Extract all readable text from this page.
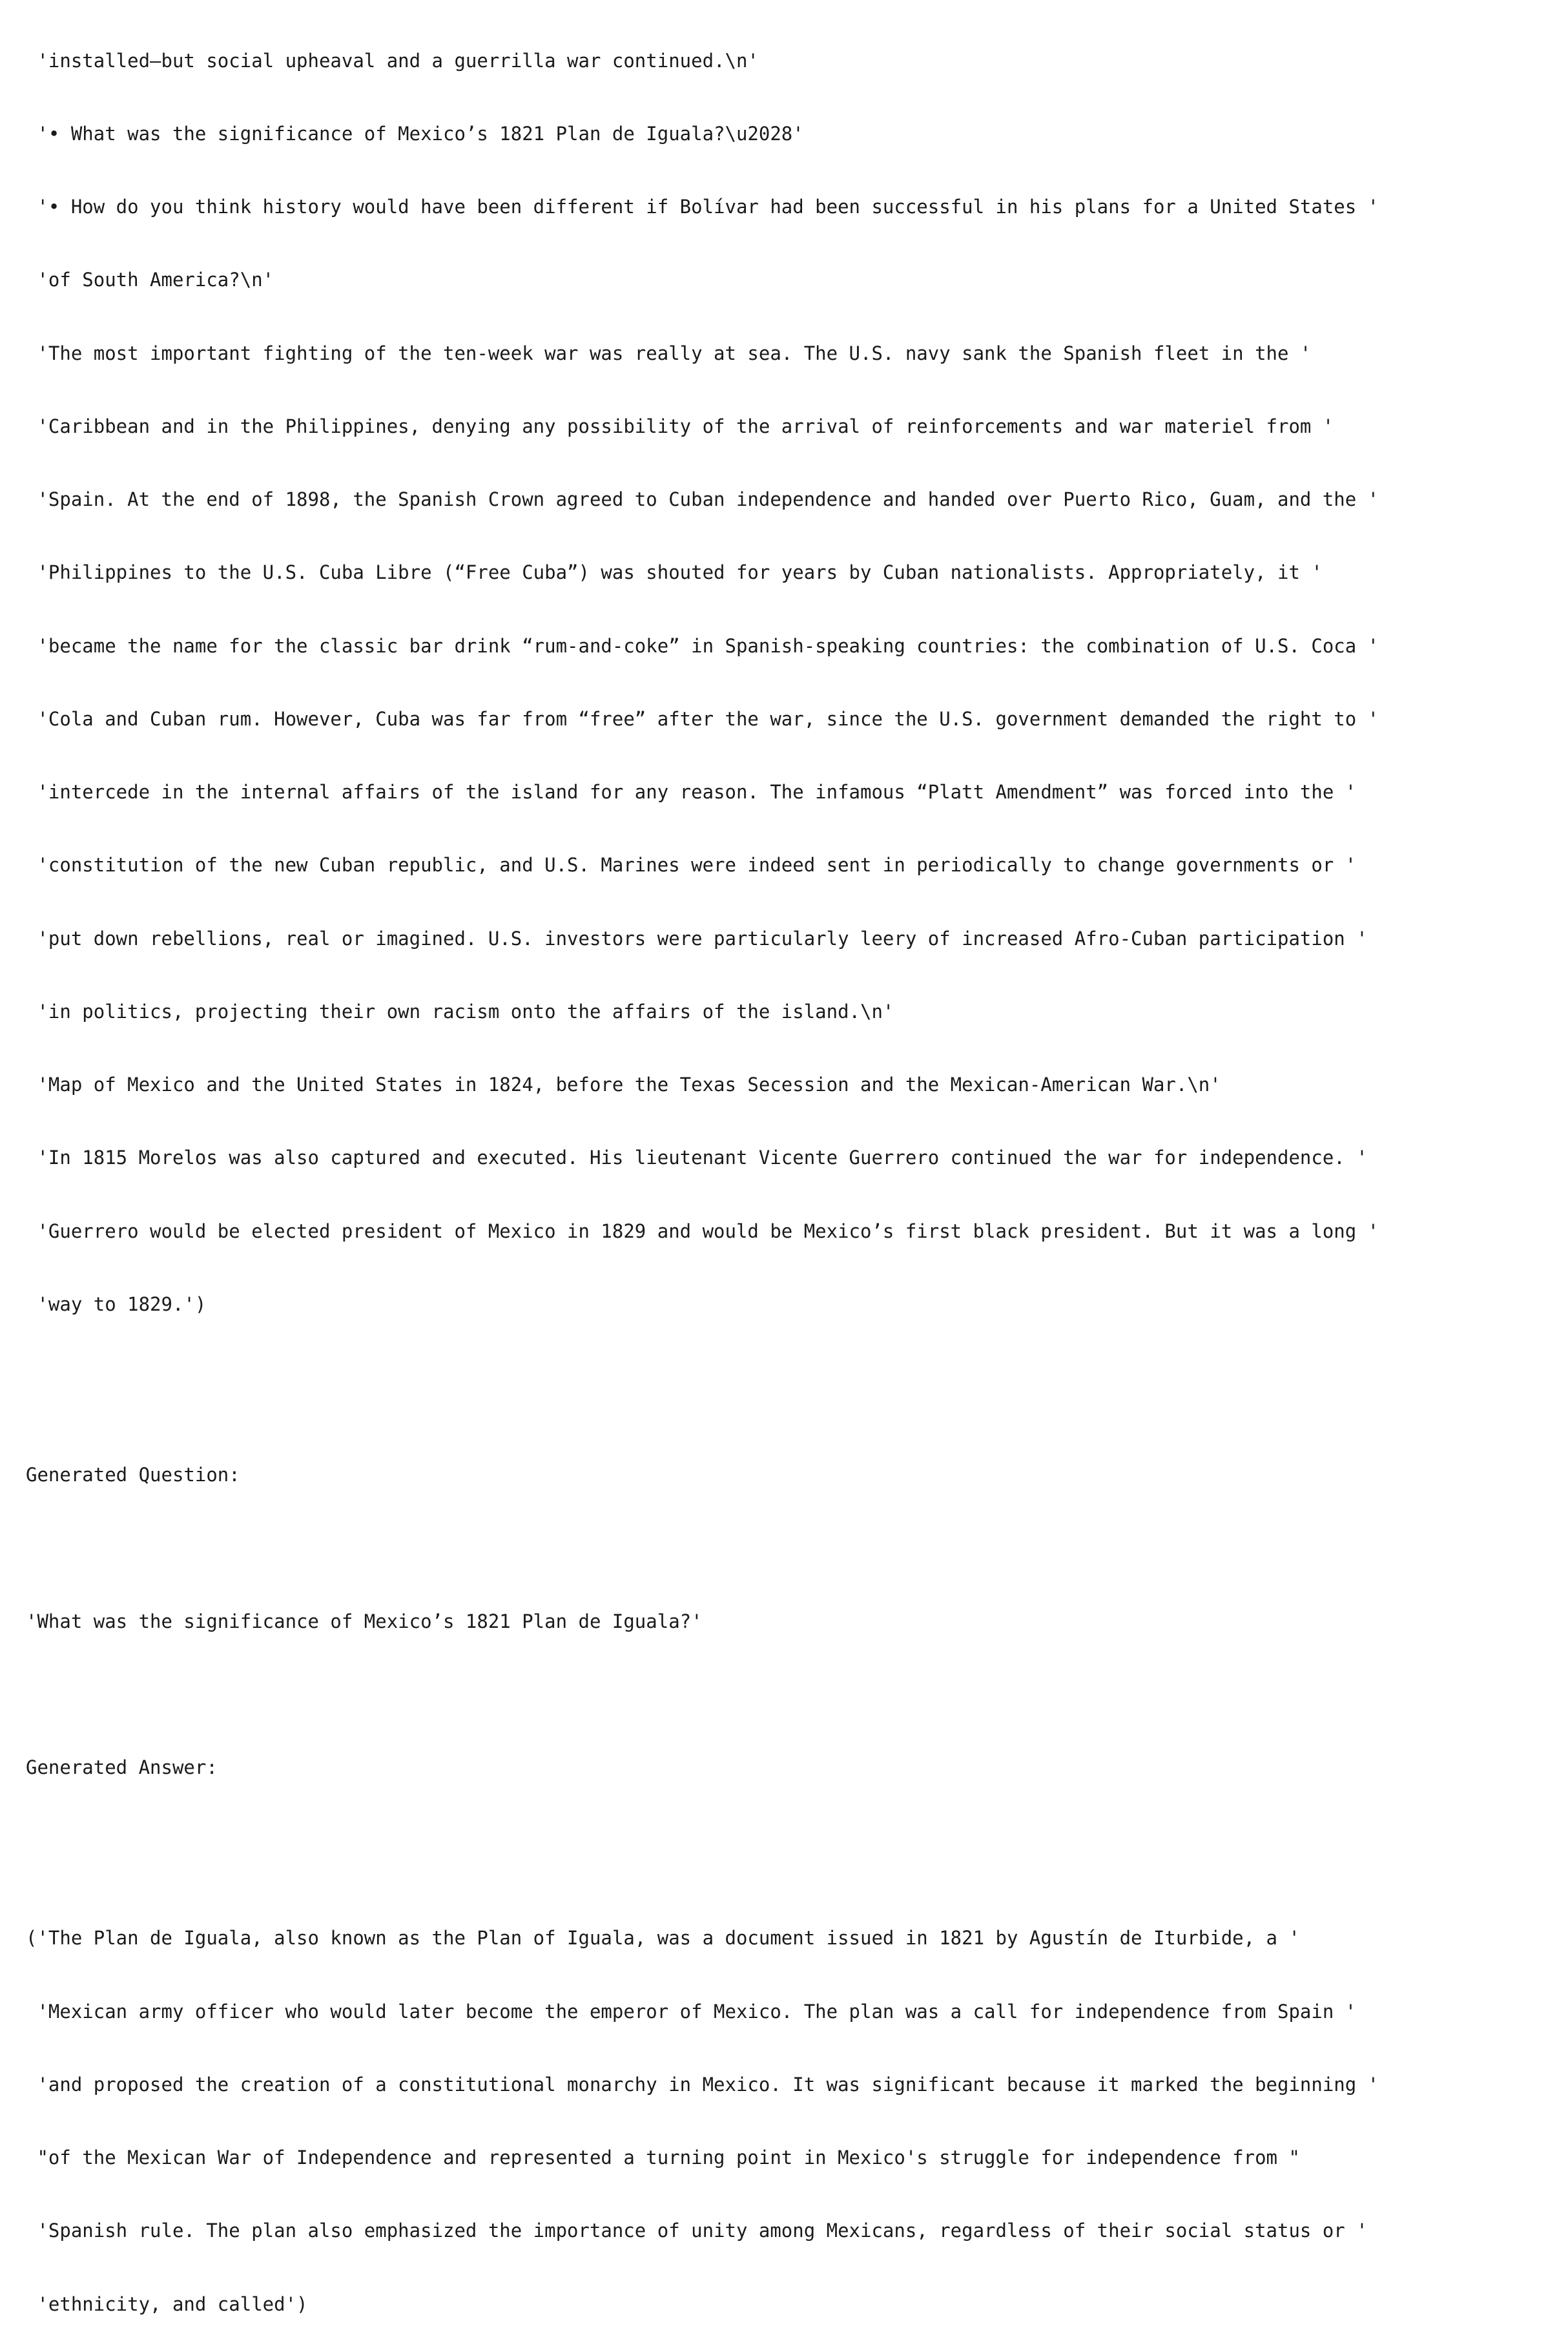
'installed—but social upheaval and a guerrilla war continued.\n'

'• What was the significance of Mexico’s 1821 Plan de Iguala?\u2028'

'• How do you think history would have been different if Bolívar had been successful in his plans for a United States '

'of South America?\n'

'The most important fighting of the ten-week war was really at sea. The U.S. navy sank the Spanish fleet in the '

'Caribbean and in the Philippines, denying any possibility of the arrival of reinforcements and war materiel from '

'Spain. At the end of 1898, the Spanish Crown agreed to Cuban independence and handed over Puerto Rico, Guam, and the '

'Philippines to the U.S. Cuba Libre (“Free Cuba”) was shouted for years by Cuban nationalists. Appropriately, it '

'became the name for the classic bar drink “rum-and-coke” in Spanish-speaking countries: the combination of U.S. Coca '

'Cola and Cuban rum. However, Cuba was far from “free” after the war, since the U.S. government demanded the right to '

'intercede in the internal affairs of the island for any reason. The infamous “Platt Amendment” was forced into the '

'constitution of the new Cuban republic, and U.S. Marines were indeed sent in periodically to change governments or '

'put down rebellions, real or imagined. U.S. investors were particularly leery of increased Afro-Cuban participation '

'in politics, projecting their own racism onto the affairs of the island.\n'

'Map of Mexico and the United States in 1824, before the Texas Secession and the Mexican-American War.\n'

'In 1815 Morelos was also captured and executed. His lieutenant Vicente Guerrero continued the war for independence. '

'Guerrero would be elected president of Mexico in 1829 and would be Mexico’s first black president. But it was a long '

'way to 1829.')

Generated Question:

'What was the significance of Mexico’s 1821 Plan de Iguala?'

Generated Answer:

('The Plan de Iguala, also known as the Plan of Iguala, was a document issued in 1821 by Agustín de Iturbide, a '

'Mexican army officer who would later become the emperor of Mexico. The plan was a call for independence from Spain '

'and proposed the creation of a constitutional monarchy in Mexico. It was significant because it marked the beginning '

"of the Mexican War of Independence and represented a turning point in Mexico's struggle for independence from "

'Spanish rule. The plan also emphasized the importance of unity among Mexicans, regardless of their social status or '

'ethnicity, and called')
